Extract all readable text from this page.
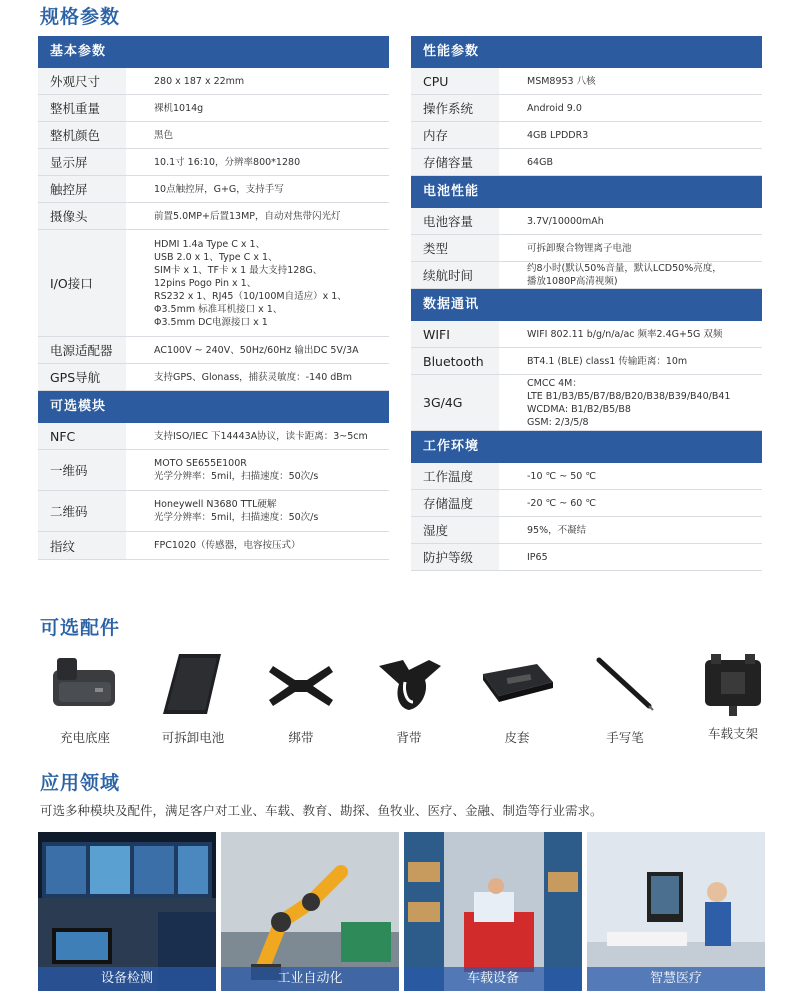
规格参数
基本参数
外观尺寸	280 x 187 x 22mm
整机重量	裸机1014g
整机颜色	黑色
显示屏	10.1寸 16:10，分辨率800*1280
触控屏	10点触控屏，G+G，支持手写
摄像头	前置5.0MP+后置13MP，自动对焦带闪光灯
I/O接口
HDMI 1.4a Type C x 1、
USB 2.0 x 1、Type C x 1、
SIM卡 x 1、TF卡 x 1 最大支持128G、
12pins Pogo Pin x 1、
RS232 x 1、RJ45（10/100M自适应）x 1、
Φ3.5mm 标准耳机接口 x 1、
Φ3.5mm DC电源接口 x 1
电源适配器	AC100V ~ 240V、50Hz/60Hz 输出DC 5V/3A
GPS导航	支持GPS、Glonass，捕获灵敏度：-140 dBm
可选模块
NFC	支持ISO/IEC 下14443A协议，读卡距离：3~5cm
一维码	MOTO SE655E100R
光学分辨率：5mil，扫描速度：50次/s
二维码	Honeywell N3680 TTL硬解
光学分辨率：5mil，扫描速度：50次/s
指纹	FPC1020（传感器，电容按压式）
性能参数
CPU	MSM8953 八核
操作系统	Android 9.0
内存	4GB LPDDR3
存储容量	64GB
电池性能
电池容量	3.7V/10000mAh
类型	可拆卸聚合物锂离子电池
续航时间	约8小时(默认50%音量，默认LCD50%亮度，
播放1080P高清视频)
数据通讯
WIFI	WIFI 802.11 b/g/n/a/ac 频率2.4G+5G 双频
Bluetooth	BT4.1 (BLE) class1 传输距离：10m
3G/4G
CMCC 4M：
LTE B1/B3/B5/B7/B8/B20/B38/B39/B40/B41
WCDMA: B1/B2/B5/B8
GSM: 2/3/5/8
工作环境
工作温度	-10 ℃ ~ 50 ℃
存储温度	-20 ℃ ~ 60 ℃
湿度	95%，不凝结
防护等级	IP65
可选配件
充电底座	可拆卸电池	绑带	背带	皮套	手写笔	车载支架
应用领域
可选多种模块及配件，满足客户对工业、车载、教育、勘探、鱼牧业、医疗、金融、制造等行业需求。
设备检测	工业自动化	车载设备	智慧医疗
